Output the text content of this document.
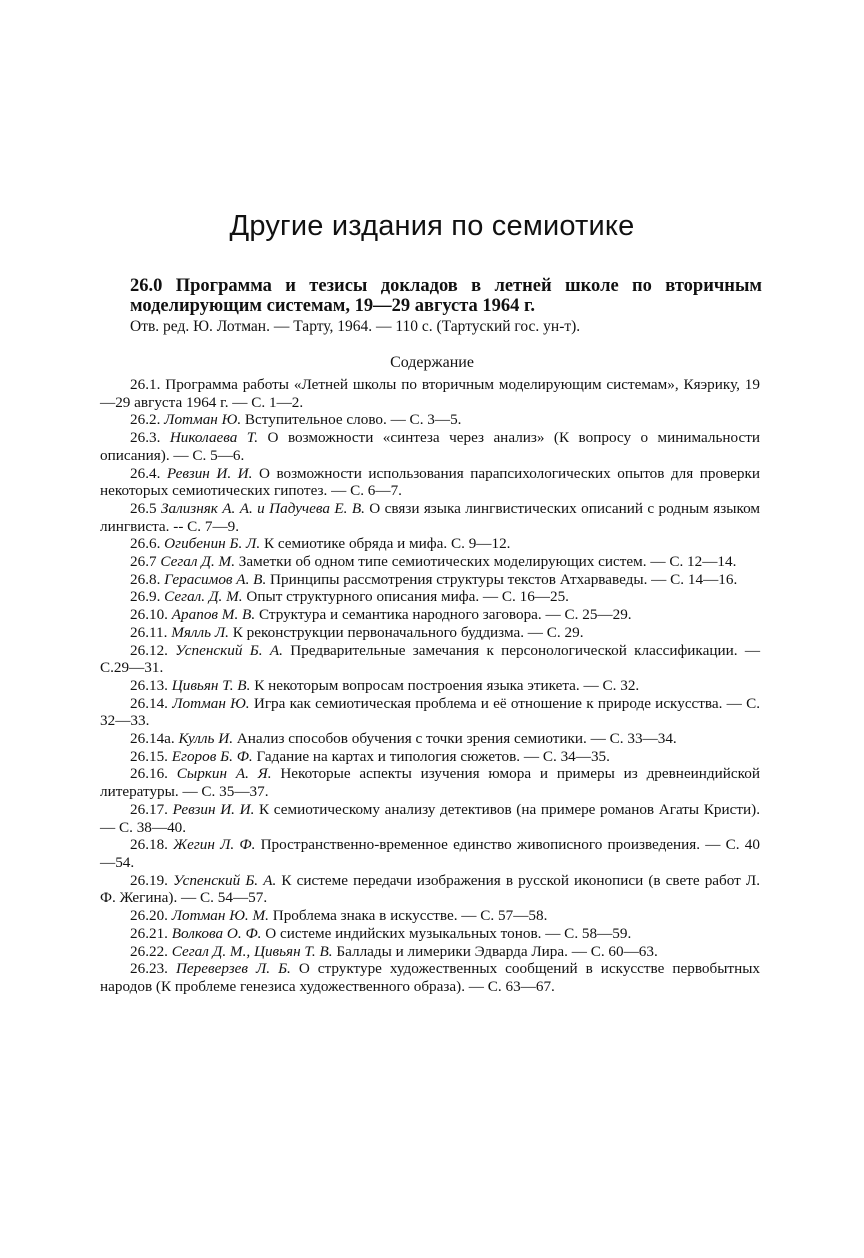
Другие издания по семиотике
26.0 Программа и тезисы докладов в летней школе по вторичным моделирующим системам, 19—29 августа 1964 г.
Отв. ред. Ю. Лотман. — Тарту, 1964. — 110 с. (Тартуский гос. ун-т).
Содержание
26.1. Программа работы «Летней школы по вторичным моделирующим системам», Кяэрику, 19—29 августа 1964 г. — С. 1—2.
26.2. Лотман Ю. Вступительное слово. — С. 3—5.
26.3. Николаева Т. О возможности «синтеза через анализ» (К вопросу о минимальности описания). — С. 5—6.
26.4. Ревзин И. И. О возможности использования парапсихологических опытов для проверки некоторых семиотических гипотез. — С. 6—7.
26.5 Зализняк А. А. и Падучева Е. В. О связи языка лингвистических описаний с родным языком лингвиста. -- С. 7—9.
26.6. Огибенин Б. Л. К семиотике обряда и мифа. С. 9—12.
26.7 Сегал Д. М. Заметки об одном типе семиотических моделирующих систем. — С. 12—14.
26.8. Герасимов А. В. Принципы рассмотрения структуры текстов Атхарваведы. — С. 14—16.
26.9. Сегал. Д. М. Опыт структурного описания мифа. — С. 16—25.
26.10. Арапов М. В. Структура и семантика народного заговора. — С. 25—29.
26.11. Мялль Л. К реконструкции первоначального буддизма. — С. 29.
26.12. Успенский Б. А. Предварительные замечания к персонологической классификации. — С.29—31.
26.13. Цивьян Т. В. К некоторым вопросам построения языка этикета. — С. 32.
26.14. Лотман Ю. Игра как семиотическая проблема и её отношение к природе искусства. — С. 32—33.
26.14а. Кулль И. Анализ способов обучения с точки зрения семиотики. — С. 33—34.
26.15. Егоров Б. Ф. Гадание на картах и типология сюжетов. — С. 34—35.
26.16. Сыркин А. Я. Некоторые аспекты изучения юмора и примеры из древнеиндийской литературы. — С. 35—37.
26.17. Ревзин И. И. К семиотическому анализу детективов (на примере романов Агаты Кристи). — С. 38—40.
26.18. Жегин Л. Ф. Пространственно-временное единство живописного произведения. — С. 40—54.
26.19. Успенский Б. А. К системе передачи изображения в русской иконописи (в свете работ Л. Ф. Жегина). — С. 54—57.
26.20. Лотман Ю. М. Проблема знака в искусстве. — С. 57—58.
26.21. Волкова О. Ф. О системе индийских музыкальных тонов. — С. 58—59.
26.22. Сегал Д. М., Цивьян Т. В. Баллады и лимерики Эдварда Лира. — С. 60—63.
26.23. Переверзев Л. Б. О структуре художественных сообщений в искусстве первобытных народов (К проблеме генезиса художественного образа). — С. 63—67.
